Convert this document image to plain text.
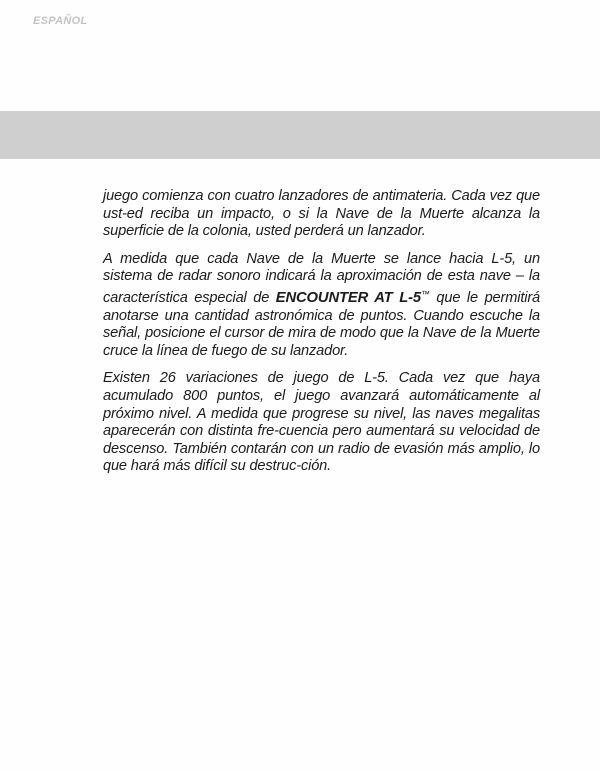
ESPAÑOL

juego comienza con cuatro lanzadores de antimateria. Cada vez que ust-ed reciba un impacto, o si la Nave de la Muerte alcanza la superficie de la colonia, usted perderá un lanzador.

A medida que cada Nave de la Muerte se lance hacia L-5, un sistema de radar sonoro indicará la aproximación de esta nave – la característica especial de ENCOUNTER AT L-5™ que le permitirá anotarse una cantidad astronómica de puntos. Cuando escuche la señal, posicione el cursor de mira de modo que la Nave de la Muerte cruce la línea de fuego de su lanzador.

Existen 26 variaciones de juego de L-5. Cada vez que haya acumulado 800 puntos, el juego avanzará automáticamente al próximo nivel. A medida que progrese su nivel, las naves megalitas aparecerán con distinta fre-cuencia pero aumentará su velocidad de descenso. También contarán con un radio de evasión más amplio, lo que hará más difícil su destruc-ción.
